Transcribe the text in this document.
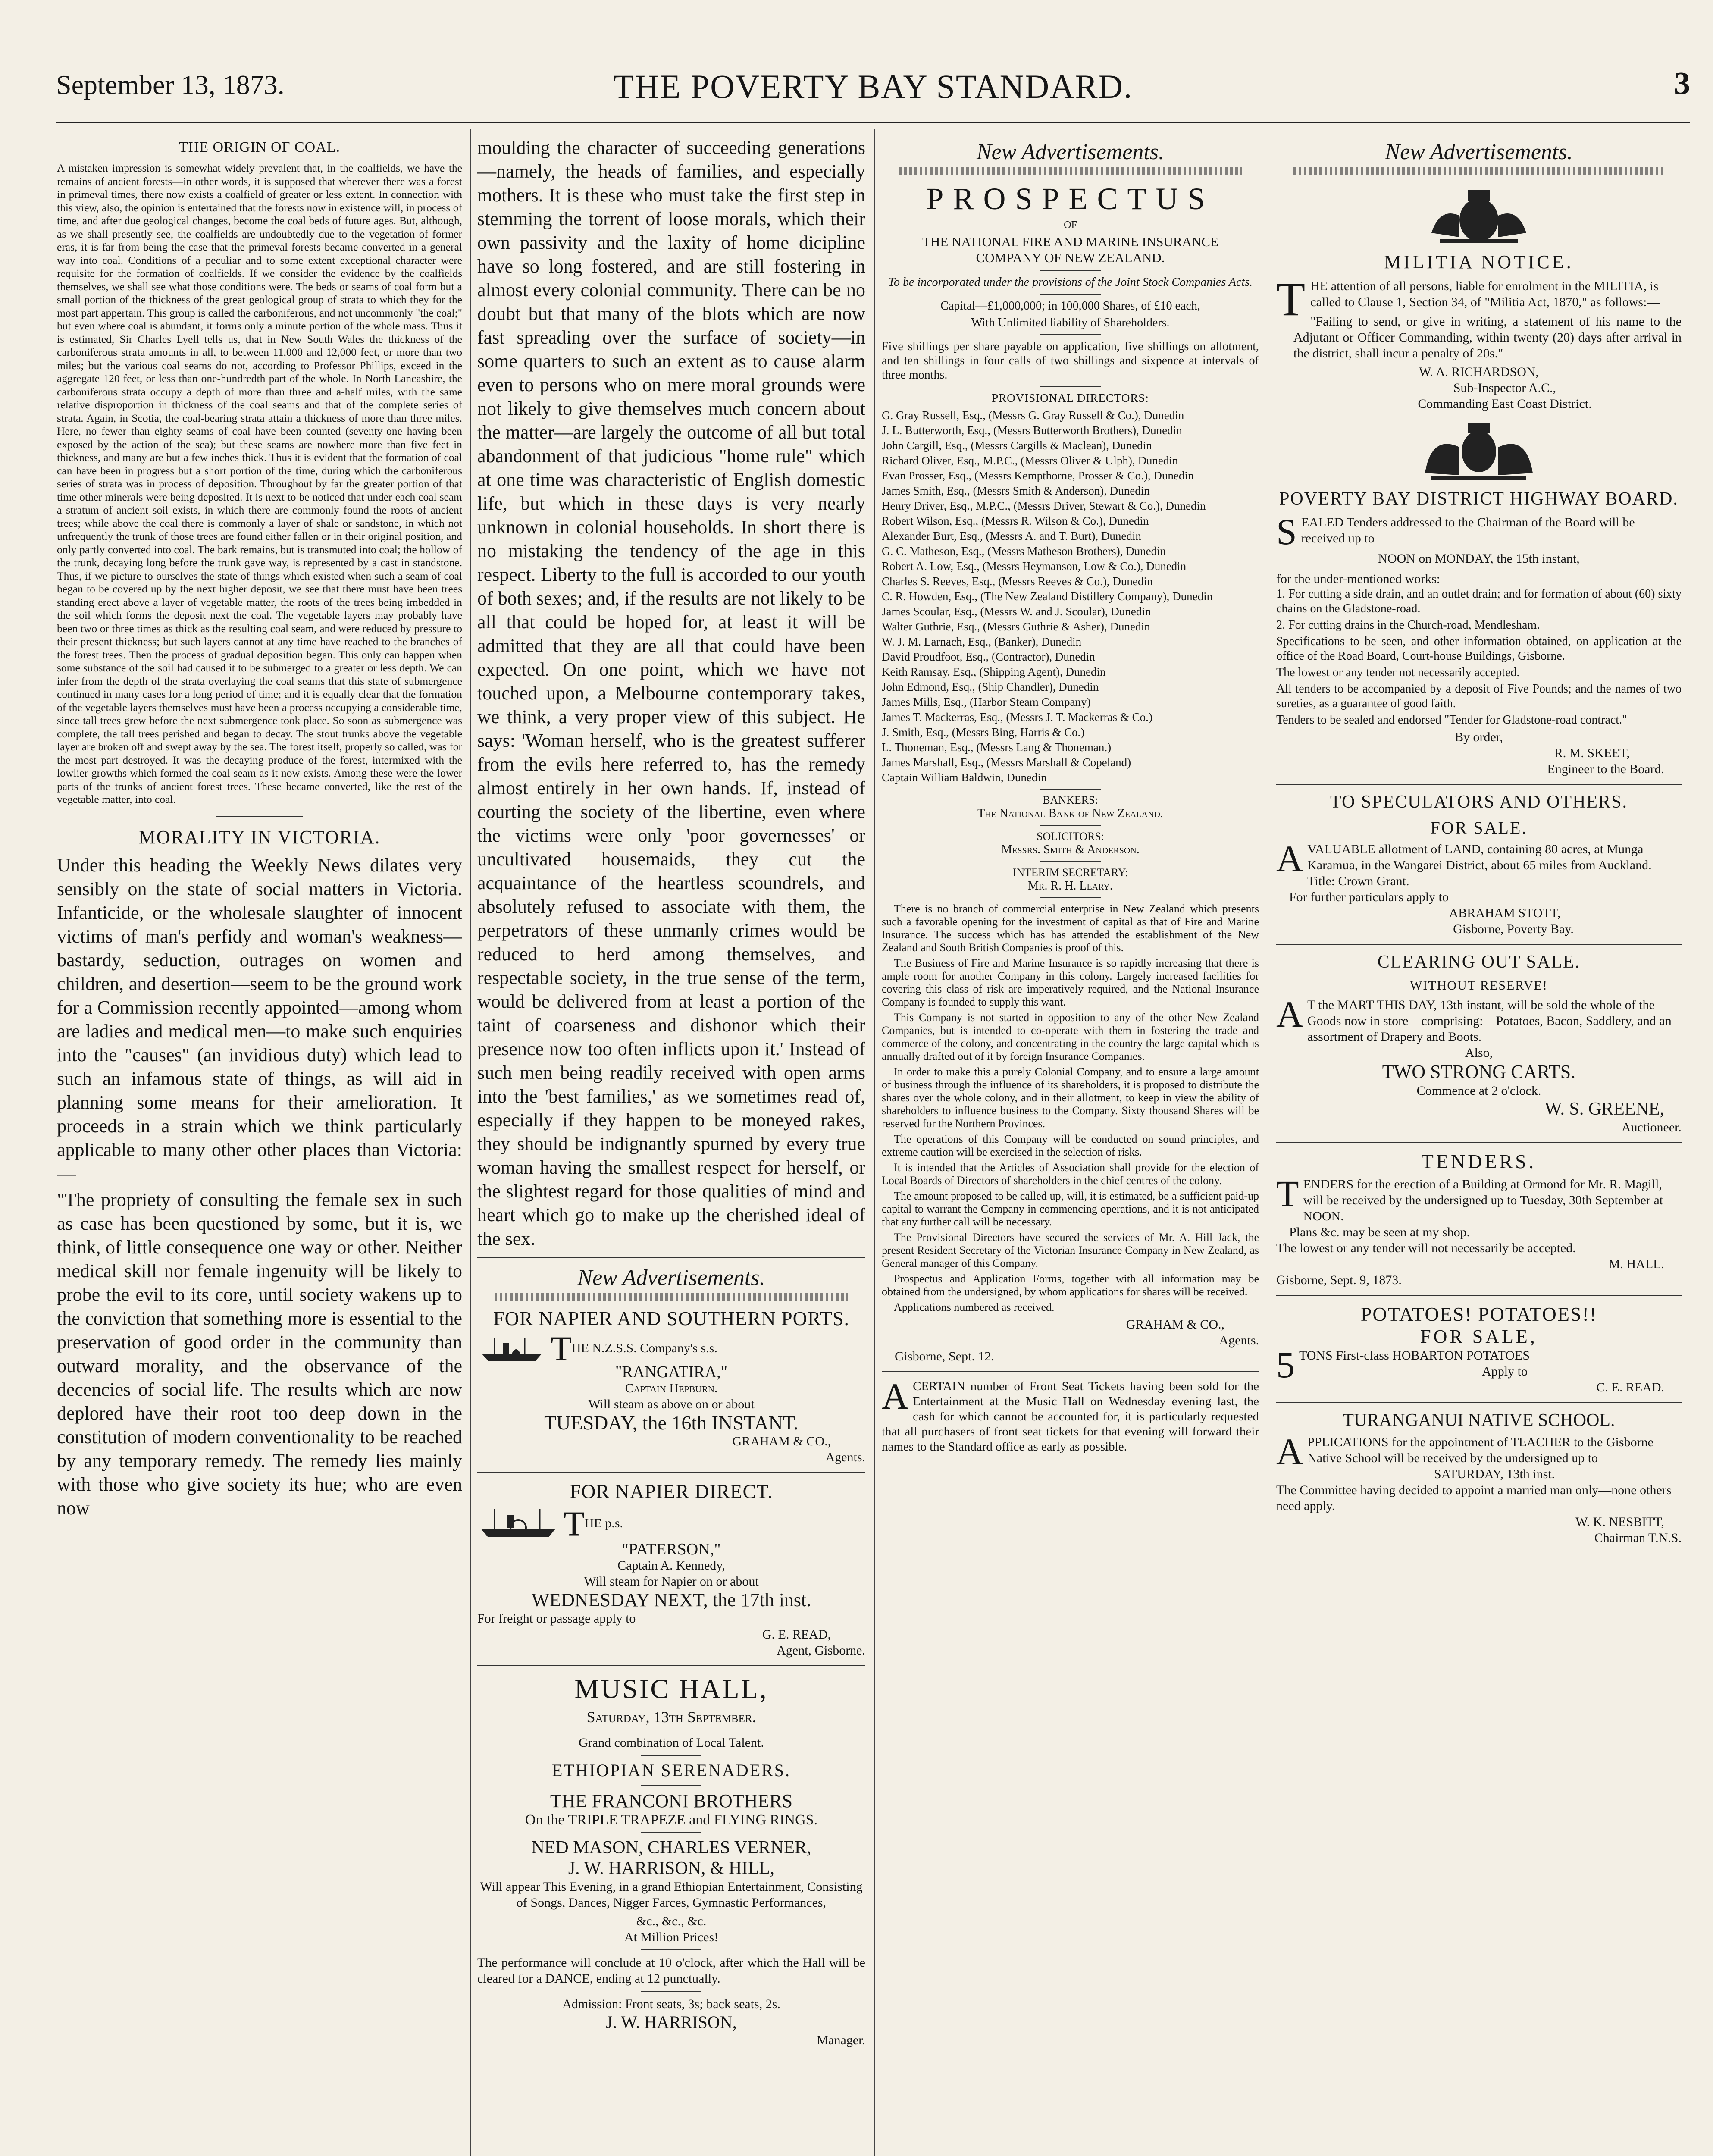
September 13, 1873.	THE POVERTY BAY STANDARD.	3
THE ORIGIN OF COAL.

A mistaken impression is somewhat widely prevalent that, in the coalfields, we have the remains of ancient forests—in other words, it is supposed that wherever there was a forest in primeval times, there now exists a coalfield of greater or less extent. In connection with this view, also, the opinion is entertained that the forests now in existence will, in process of time, and after due geological changes, become the coal beds of future ages. But, although, as we shall presently see, the coalfields are undoubtedly due to the vegetation of former eras, it is far from being the case that the primeval forests became converted in a general way into coal. Conditions of a peculiar and to some extent exceptional character were requisite for the formation of coalfields. If we consider the evidence by the coalfields themselves, we shall see what those conditions were. The beds or seams of coal form but a small portion of the thickness of the great geological group of strata to which they for the most part appertain. This group is called the carboniferous, and not uncommonly "the coal;" but even where coal is abundant, it forms only a minute portion of the whole mass. Thus it is estimated, Sir Charles Lyell tells us, that in New South Wales the thickness of the carboniferous strata amounts in all, to between 11,000 and 12,000 feet, or more than two miles; but the various coal seams do not, according to Professor Phillips, exceed in the aggregate 120 feet, or less than one-hundredth part of the whole. In North Lancashire, the carboniferous strata occupy a depth of more than three and a-half miles, with the same relative disproportion in thickness of the coal seams and that of the complete series of strata. Again, in Scotia, the coal-bearing strata attain a thickness of more than three miles. Here, no fewer than eighty seams of coal have been counted (seventy-one having been exposed by the action of the sea); but these seams are nowhere more than five feet in thickness, and many are but a few inches thick. Thus it is evident that the formation of coal can have been in progress but a short portion of the time, during which the carboniferous series of strata was in process of deposition. Throughout by far the greater portion of that time other minerals were being deposited. It is next to be noticed that under each coal seam a stratum of ancient soil exists, in which there are commonly found the roots of ancient trees; while above the coal there is commonly a layer of shale or sandstone, in which not unfrequently the trunk of those trees are found either fallen or in their original position, and only partly converted into coal. The bark remains, but is transmuted into coal; the hollow of the trunk, decaying long before the trunk gave way, is represented by a cast in standstone. Thus, if we picture to ourselves the state of things which existed when such a seam of coal began to be covered up by the next higher deposit, we see that there must have been trees standing erect above a layer of vegetable matter, the roots of the trees being imbedded in the soil which forms the deposit next the coal. The vegetable layers may probably have been two or three times as thick as the resulting coal seam, and were reduced by pressure to their present thickness; but such layers cannot at any time have reached to the branches of the forest trees. Then the process of gradual deposition began. This only can happen when some substance of the soil had caused it to be submerged to a greater or less depth. We can infer from the depth of the strata overlaying the coal seams that this state of submergence continued in many cases for a long period of time; and it is equally clear that the formation of the vegetable layers themselves must have been a process occupying a considerable time, since tall trees grew before the next submergence took place. So soon as submergence was complete, the tall trees perished and began to decay. The stout trunks above the vegetable layer are broken off and swept away by the sea. The forest itself, properly so called, was for the most part destroyed. It was the decaying produce of the forest, intermixed with the lowlier growths which formed the coal seam as it now exists. Among these were the lower parts of the trunks of ancient forest trees. These became converted, like the rest of the vegetable matter, into coal.

MORALITY IN VICTORIA.

Under this heading the Weekly News dilates very sensibly on the state of social matters in Victoria. Infanticide, or the wholesale slaughter of innocent victims of man's perfidy and woman's weakness—bastardy, seduction, outrages on women and children, and desertion—seem to be the ground work for a Commission recently appointed—among whom are ladies and medical men—to make such enquiries into the "causes" (an invidious duty) which lead to such an infamous state of things, as will aid in planning some means for their amelioration. It proceeds in a strain which we think particularly applicable to many other other places than Victoria:—

"The propriety of consulting the female sex in such as case has been questioned by some, but it is, we think, of little consequence one way or other. Neither medical skill nor female ingenuity will be likely to probe the evil to its core, until society wakens up to the conviction that something more is essential to the preservation of good order in the community than outward morality, and the observance of the decencies of social life. The results which are now deplored have their root too deep down in the constitution of modern conventionality to be reached by any temporary remedy. The remedy lies mainly with those who give society its hue; who are even now

moulding the character of succeeding generations—namely, the heads of families, and especially mothers. It is these who must take the first step in stemming the torrent of loose morals, which their own passivity and the laxity of home dicipline have so long fostered, and are still fostering in almost every colonial community. There can be no doubt but that many of the blots which are now fast spreading over the surface of society—in some quarters to such an extent as to cause alarm even to persons who on mere moral grounds were not likely to give themselves much concern about the matter—are largely the outcome of all but total abandonment of that judicious "home rule" which at one time was characteristic of English domestic life, but which in these days is very nearly unknown in colonial households. In short there is no mistaking the tendency of the age in this respect. Liberty to the full is accorded to our youth of both sexes; and, if the results are not likely to be all that could be hoped for, at least it will be admitted that they are all that could have been expected. On one point, which we have not touched upon, a Melbourne contemporary takes, we think, a very proper view of this subject. He says: 'Woman herself, who is the greatest sufferer from the evils here referred to, has the remedy almost entirely in her own hands. If, instead of courting the society of the libertine, even where the victims were only 'poor governesses' or uncultivated housemaids, they cut the acquaintance of the heartless scoundrels, and absolutely refused to associate with them, the perpetrators of these unmanly crimes would be reduced to herd among themselves, and respectable society, in the true sense of the term, would be delivered from at least a portion of the taint of coarseness and dishonor which their presence now too often inflicts upon it.' Instead of such men being readily received with open arms into the 'best families,' as we sometimes read of, especially if they happen to be moneyed rakes, they should be indignantly spurned by every true woman having the smallest respect for herself, or the slightest regard for those qualities of mind and heart which go to make up the cherished ideal of the sex.

New Advertisements.
FOR NAPIER AND SOUTHERN PORTS.
THE N.Z.S.S. Company's s.s.
"RANGATIRA,"
Captain Hepburn.
Will steam as above on or about
TUESDAY, the 16th INSTANT.
GRAHAM & CO.,
Agents.
FOR NAPIER DIRECT.
THE p.s.
"PATERSON,"
Captain A. Kennedy,
Will steam for Napier on or about
WEDNESDAY NEXT, the 17th inst.
For freight or passage apply to
G. E. READ,
Agent, Gisborne.
MUSIC HALL,
Saturday, 13th September.
Grand combination of Local Talent.
ETHIOPIAN SERENADERS.
THE FRANCONI BROTHERS
On the TRIPLE TRAPEZE and FLYING RINGS.
NED MASON, CHARLES VERNER,
J. W. HARRISON, & HILL,

Will appear This Evening, in a grand Ethiopian Entertainment, Consisting of Songs, Dances, Nigger Farces, Gymnastic Performances,

&c., &c., &c.
At Million Prices!

The performance will conclude at 10 o'clock, after which the Hall will be cleared for a DANCE, ending at 12 punctually.

Admission: Front seats, 3s; back seats, 2s.
J. W. HARRISON,
Manager.
New Advertisements.
PROSPECTUS
OF
THE NATIONAL FIRE AND MARINE INSURANCE COMPANY OF NEW ZEALAND.

To be incorporated under the provisions of the Joint Stock Companies Acts.

Capital—£1,000,000; in 100,000 Shares, of £10 each,

With Unlimited liability of Shareholders.

Five shillings per share payable on application, five shillings on allotment, and ten shillings in four calls of two shillings and sixpence at intervals of three months.

PROVISIONAL DIRECTORS:
G. Gray Russell, Esq., (Messrs G. Gray Russell & Co.), Dunedin
J. L. Butterworth, Esq., (Messrs Butterworth Brothers), Dunedin
John Cargill, Esq., (Messrs Cargills & Maclean), Dunedin
Richard Oliver, Esq., M.P.C., (Messrs Oliver & Ulph), Dunedin
Evan Prosser, Esq., (Messrs Kempthorne, Prosser & Co.), Dunedin
James Smith, Esq., (Messrs Smith & Anderson), Dunedin
Henry Driver, Esq., M.P.C., (Messrs Driver, Stewart & Co.), Dunedin
Robert Wilson, Esq., (Messrs R. Wilson & Co.), Dunedin
Alexander Burt, Esq., (Messrs A. and T. Burt), Dunedin
G. C. Matheson, Esq., (Messrs Matheson Brothers), Dunedin
Robert A. Low, Esq., (Messrs Heymanson, Low & Co.), Dunedin
Charles S. Reeves, Esq., (Messrs Reeves & Co.), Dunedin
C. R. Howden, Esq., (The New Zealand Distillery Company), Dunedin
James Scoular, Esq., (Messrs W. and J. Scoular), Dunedin
Walter Guthrie, Esq., (Messrs Guthrie & Asher), Dunedin
W. J. M. Larnach, Esq., (Banker), Dunedin
David Proudfoot, Esq., (Contractor), Dunedin
Keith Ramsay, Esq., (Shipping Agent), Dunedin
John Edmond, Esq., (Ship Chandler), Dunedin
James Mills, Esq., (Harbor Steam Company)
James T. Mackerras, Esq., (Messrs J. T. Mackerras & Co.)
J. Smith, Esq., (Messrs Bing, Harris & Co.)
L. Thoneman, Esq., (Messrs Lang & Thoneman.)
James Marshall, Esq., (Messrs Marshall & Copeland)
Captain William Baldwin, Dunedin
BANKERS:
The National Bank of New Zealand.
SOLICITORS:
Messrs. Smith & Anderson.
INTERIM SECRETARY:
Mr. R. H. Leary.

There is no branch of commercial enterprise in New Zealand which presents such a favorable opening for the investment of capital as that of Fire and Marine Insurance. The success which has has attended the establishment of the New Zealand and South British Companies is proof of this.

The Business of Fire and Marine Insurance is so rapidly increasing that there is ample room for another Company in this colony. Largely increased facilities for covering this class of risk are imperatively required, and the National Insurance Company is founded to supply this want.

This Company is not started in opposition to any of the other New Zealand Companies, but is intended to co-operate with them in fostering the trade and commerce of the colony, and concentrating in the country the large capital which is annually drafted out of it by foreign Insurance Companies.

In order to make this a purely Colonial Company, and to ensure a large amount of business through the influence of its shareholders, it is proposed to distribute the shares over the whole colony, and in their allotment, to keep in view the ability of shareholders to influence business to the Company. Sixty thousand Shares will be reserved for the Northern Provinces.

The operations of this Company will be conducted on sound principles, and extreme caution will be exercised in the selection of risks.

It is intended that the Articles of Association shall provide for the election of Local Boards of Directors of shareholders in the chief centres of the colony.

The amount proposed to be called up, will, it is estimated, be a sufficient paid-up capital to warrant the Company in commencing operations, and it is not anticipated that any further call will be necessary.

The Provisional Directors have secured the services of Mr. A. Hill Jack, the present Resident Secretary of the Victorian Insurance Company in New Zealand, as General manager of this Company.

Prospectus and Application Forms, together with all information may be obtained from the undersigned, by whom applications for shares will be received.

Applications numbered as received.

GRAHAM & CO.,
Agents.
Gisborne, Sept. 12.

ACERTAIN number of Front Seat Tickets having been sold for the Entertainment at the Music Hall on Wednesday evening last, the cash for which cannot be accounted for, it is particularly requested that all purchasers of front seat tickets for that evening will forward their names to the Standard office as early as possible.

New Advertisements.
MILITIA NOTICE.
THE attention of all persons, liable for enrolment in the MILITIA, is called to Clause 1, Section 34, of "Militia Act, 1870," as follows:—

"Failing to send, or give in writing, a statement of his name to the Adjutant or Officer Commanding, within twenty (20) days after arrival in the district, shall incur a penalty of 20s."

W. A. RICHARDSON,
Sub-Inspector A.C.,
Commanding East Coast District.
POVERTY BAY DISTRICT HIGHWAY BOARD.
SEALED Tenders addressed to the Chairman of the Board will be received up to
NOON on MONDAY, the 15th instant,
for the under-mentioned works:—

1. For cutting a side drain, and an outlet drain; and for formation of about (60) sixty chains on the Gladstone-road.

2. For cutting drains in the Church-road, Mendlesham.

Specifications to be seen, and other information obtained, on application at the office of the Road Board, Court-house Buildings, Gisborne.

The lowest or any tender not necessarily accepted.

All tenders to be accompanied by a deposit of Five Pounds; and the names of two sureties, as a guarantee of good faith.

Tenders to be sealed and endorsed "Tender for Gladstone-road contract."

By order,
R. M. SKEET,
Engineer to the Board.
TO SPECULATORS AND OTHERS.
FOR SALE.
AVALUABLE allotment of LAND, containing 80 acres, at Munga Karamua, in the Wangarei District, about 65 miles from Auckland. Title: Crown Grant.
For further particulars apply to
ABRAHAM STOTT,
Gisborne, Poverty Bay.
CLEARING OUT SALE.
WITHOUT RESERVE!
A T the MART THIS DAY, 13th instant, will be sold the whole of the Goods now in store—comprising:—Potatoes, Bacon, Saddlery, and an assortment of Drapery and Boots.
Also,
TWO STRONG CARTS.
Commence at 2 o'clock.
W. S. GREENE,
Auctioneer.
TENDERS.
TENDERS for the erection of a Building at Ormond for Mr. R. Magill, will be received by the undersigned up to Tuesday, 30th September at NOON.
Plans &c. may be seen at my shop.
The lowest or any tender will not necessarily be accepted.
M. HALL.
Gisborne, Sept. 9, 1873.
POTATOES! POTATOES!!
FOR SALE,
5 TONS First-class HOBARTON POTATOES
Apply to
C. E. READ.
TURANGANUI NATIVE SCHOOL.
APPLICATIONS for the appointment of TEACHER to the Gisborne Native School will be received by the undersigned up to
SATURDAY, 13th inst.
The Committee having decided to appoint a married man only—none others need apply.
W. K. NESBITT,
Chairman T.N.S.
